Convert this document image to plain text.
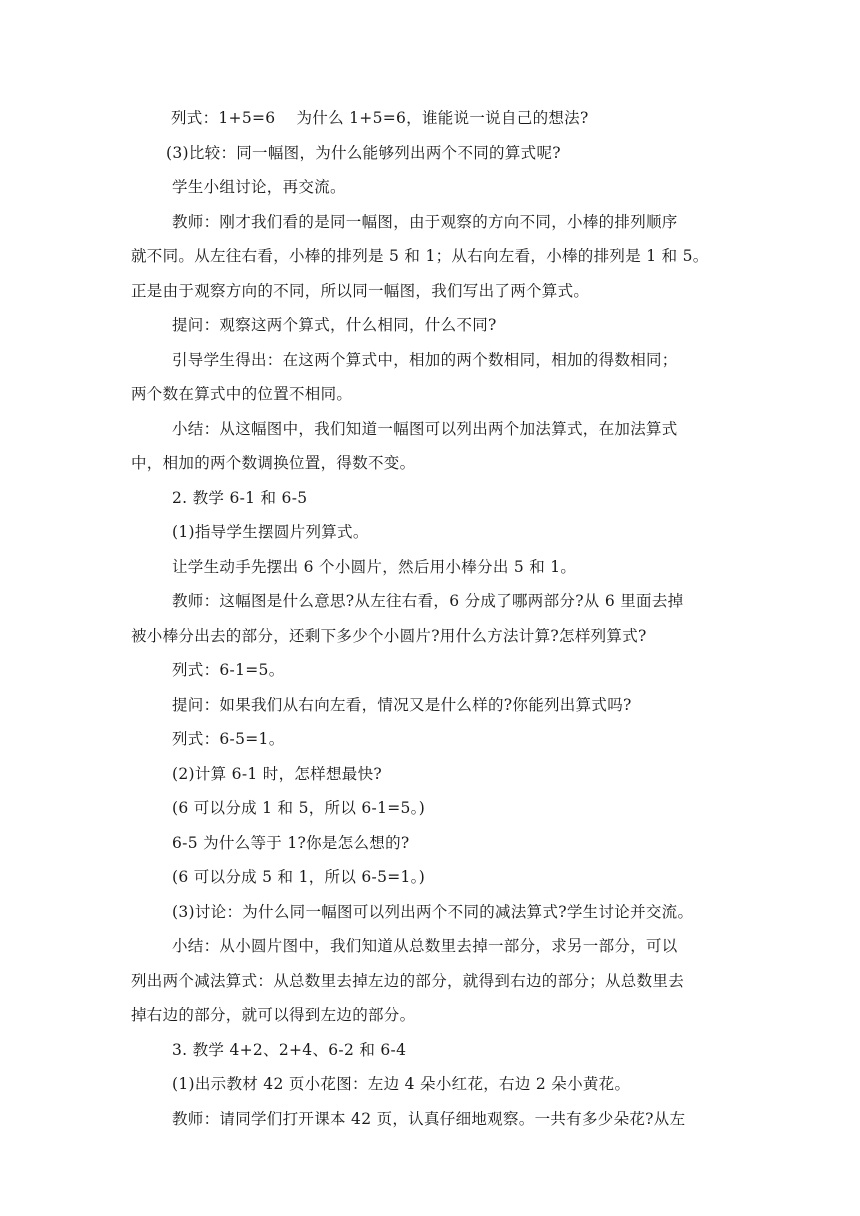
列式：1+5=6　 为什么 1+5=6，谁能说一说自己的想法?
(3)比较：同一幅图，为什么能够列出两个不同的算式呢?
学生小组讨论，再交流。
教师：刚才我们看的是同一幅图，由于观察的方向不同，小棒的排列顺序
就不同。从左往右看，小棒的排列是 5 和 1；从右向左看，小棒的排列是 1 和 5。
正是由于观察方向的不同，所以同一幅图，我们写出了两个算式。
提问：观察这两个算式，什么相同，什么不同?
引导学生得出：在这两个算式中，相加的两个数相同，相加的得数相同；
两个数在算式中的位置不相同。
小结：从这幅图中，我们知道一幅图可以列出两个加法算式，在加法算式
中，相加的两个数调换位置，得数不变。
2. 教学 6-1 和 6-5
(1)指导学生摆圆片列算式。
让学生动手先摆出 6 个小圆片，然后用小棒分出 5 和 1。
教师：这幅图是什么意思?从左往右看，6 分成了哪两部分?从 6 里面去掉
被小棒分出去的部分，还剩下多少个小圆片?用什么方法计算?怎样列算式?
列式：6-1=5。
提问：如果我们从右向左看，情况又是什么样的?你能列出算式吗?
列式：6-5=1。
(2)计算 6-1 时，怎样想最快?
(6 可以分成 1 和 5，所以 6-1=5。)
6-5 为什么等于 1?你是怎么想的?
(6 可以分成 5 和 1，所以 6-5=1。)
(3)讨论：为什么同一幅图可以列出两个不同的减法算式?学生讨论并交流。
小结：从小圆片图中，我们知道从总数里去掉一部分，求另一部分，可以
列出两个减法算式：从总数里去掉左边的部分，就得到右边的部分；从总数里去
掉右边的部分，就可以得到左边的部分。
3. 教学 4+2、2+4、6-2 和 6-4
(1)出示教材 42 页小花图：左边 4 朵小红花，右边 2 朵小黄花。
教师：请同学们打开课本 42 页，认真仔细地观察。一共有多少朵花?从左
